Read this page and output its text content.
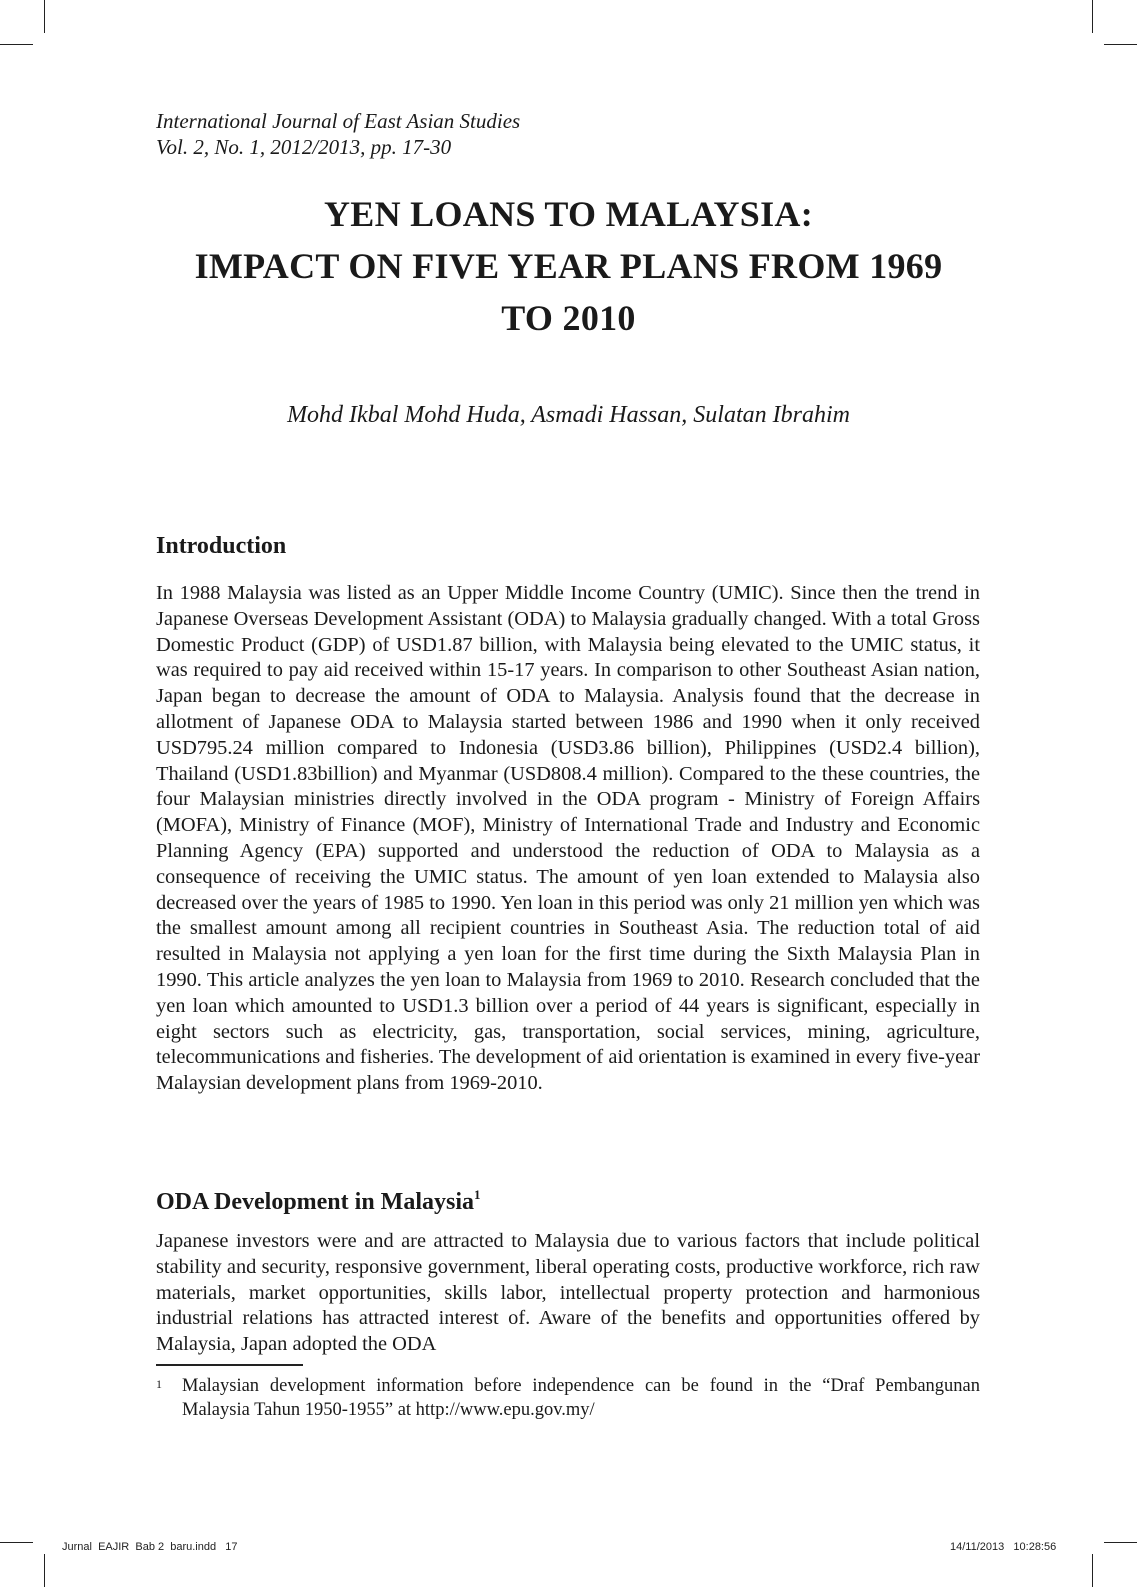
International Journal of East Asian Studies
Vol. 2, No. 1, 2012/2013, pp. 17-30
YEN LOANS TO MALAYSIA:
IMPACT ON FIVE YEAR PLANS FROM 1969
TO 2010
Mohd Ikbal Mohd Huda, Asmadi Hassan, Sulatan Ibrahim
Introduction

In 1988 Malaysia was listed as an Upper Middle Income Country (UMIC). Since then the trend in Japanese Overseas Development Assistant (ODA) to Malaysia gradually changed. With a total Gross Domestic Product (GDP) of USD1.87 billion, with Malaysia being elevated to the UMIC status, it was required to pay aid received within 15-17 years. In comparison to other Southeast Asian nation, Japan began to decrease the amount of ODA to Malaysia. Analysis found that the decrease in allotment of Japanese ODA to Malaysia started between 1986 and 1990 when it only received USD795.24 million compared to Indonesia (USD3.86 billion), Philippines (USD2.4 billion), Thailand (USD1.83billion) and Myanmar (USD808.4 million). Compared to the these countries, the four Malaysian ministries directly involved in the ODA program - Ministry of Foreign Affairs (MOFA), Ministry of Finance (MOF), Ministry of International Trade and Industry and Economic Planning Agency (EPA) supported and understood the reduction of ODA to Malaysia as a consequence of receiving the UMIC status. The amount of yen loan extended to Malaysia also decreased over the years of 1985 to 1990. Yen loan in this period was only 21 million yen which was the smallest amount among all recipient countries in Southeast Asia. The reduction total of aid resulted in Malaysia not applying a yen loan for the first time during the Sixth Malaysia Plan in 1990. This article analyzes the yen loan to Malaysia from 1969 to 2010. Research concluded that the yen loan which amounted to USD1.3 billion over a period of 44 years is significant, especially in eight sectors such as electricity, gas, transportation, social services, mining, agriculture, telecommunications and fisheries. The development of aid orientation is examined in every five-year Malaysian development plans from 1969-2010.

ODA Development in Malaysia$^1$

Japanese investors were and are attracted to Malaysia due to various factors that include political stability and security, responsive government, liberal operating costs, productive workforce, rich raw materials, market opportunities, skills labor, intellectual property protection and harmonious industrial relations has attracted interest of. Aware of the benefits and opportunities offered by Malaysia, Japan adopted the ODA

1 Malaysian development information before independence can be found in the “Draf Pembangunan Malaysia Tahun 1950-1955” at http://www.epu.gov.my/
Jurnal  EAJIR  Bab 2  baru.indd   17	14/11/2013   10:28:56
